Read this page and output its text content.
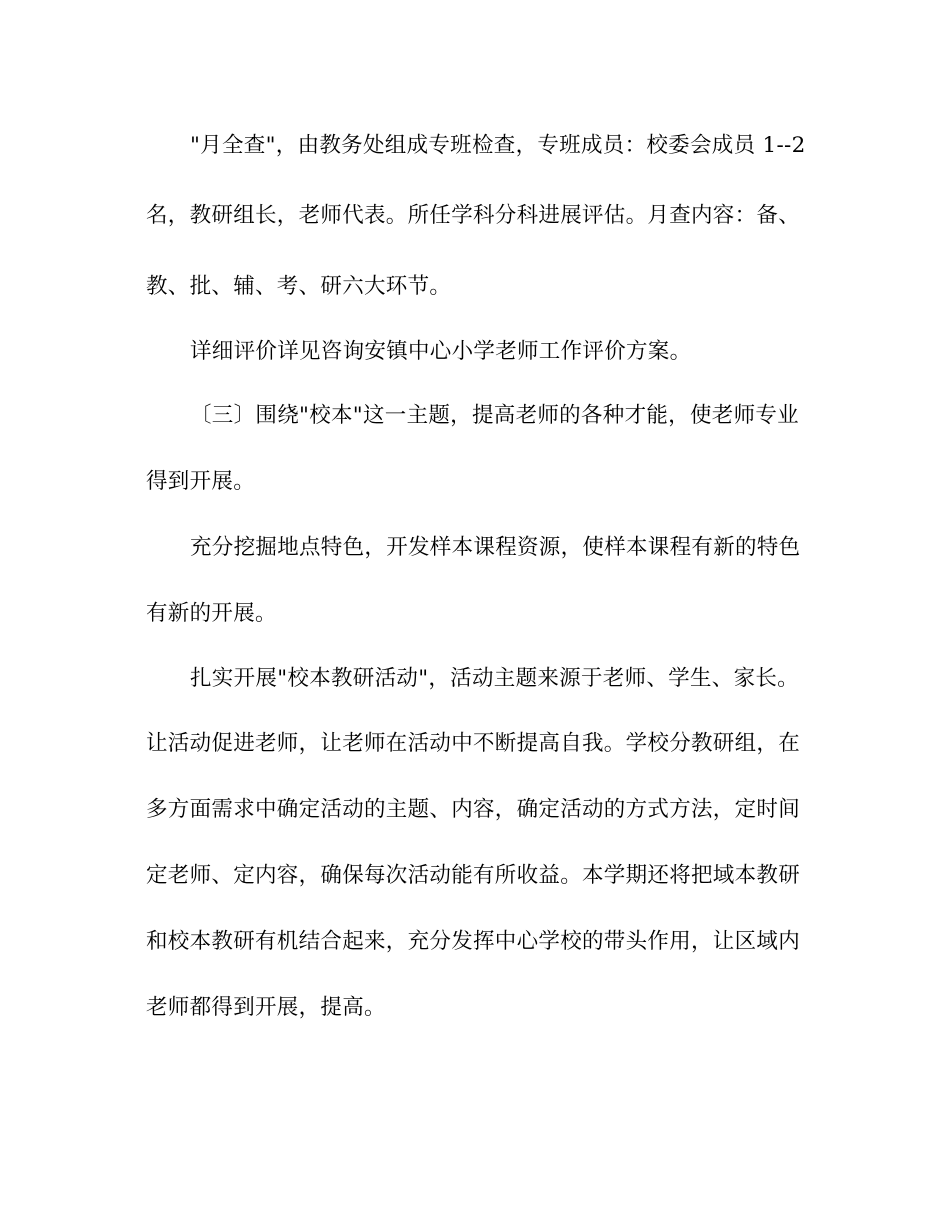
"月全查"，由教务处组成专班检查，专班成员：校委会成员 1--2
名，教研组长，老师代表。所任学科分科进展评估。月查内容：备、
教、批、辅、考、研六大环节。
详细评价详见咨询安镇中心小学老师工作评价方案。
〔三〕围绕"校本"这一主题，提高老师的各种才能，使老师专业
得到开展。
充分挖掘地点特色，开发样本课程资源，使样本课程有新的特色
有新的开展。
扎实开展"校本教研活动"，活动主题来源于老师、学生、家长。
让活动促进老师，让老师在活动中不断提高自我。学校分教研组，在
多方面需求中确定活动的主题、内容，确定活动的方式方法，定时间
定老师、定内容，确保每次活动能有所收益。本学期还将把域本教研
和校本教研有机结合起来，充分发挥中心学校的带头作用，让区域内
老师都得到开展，提高。
